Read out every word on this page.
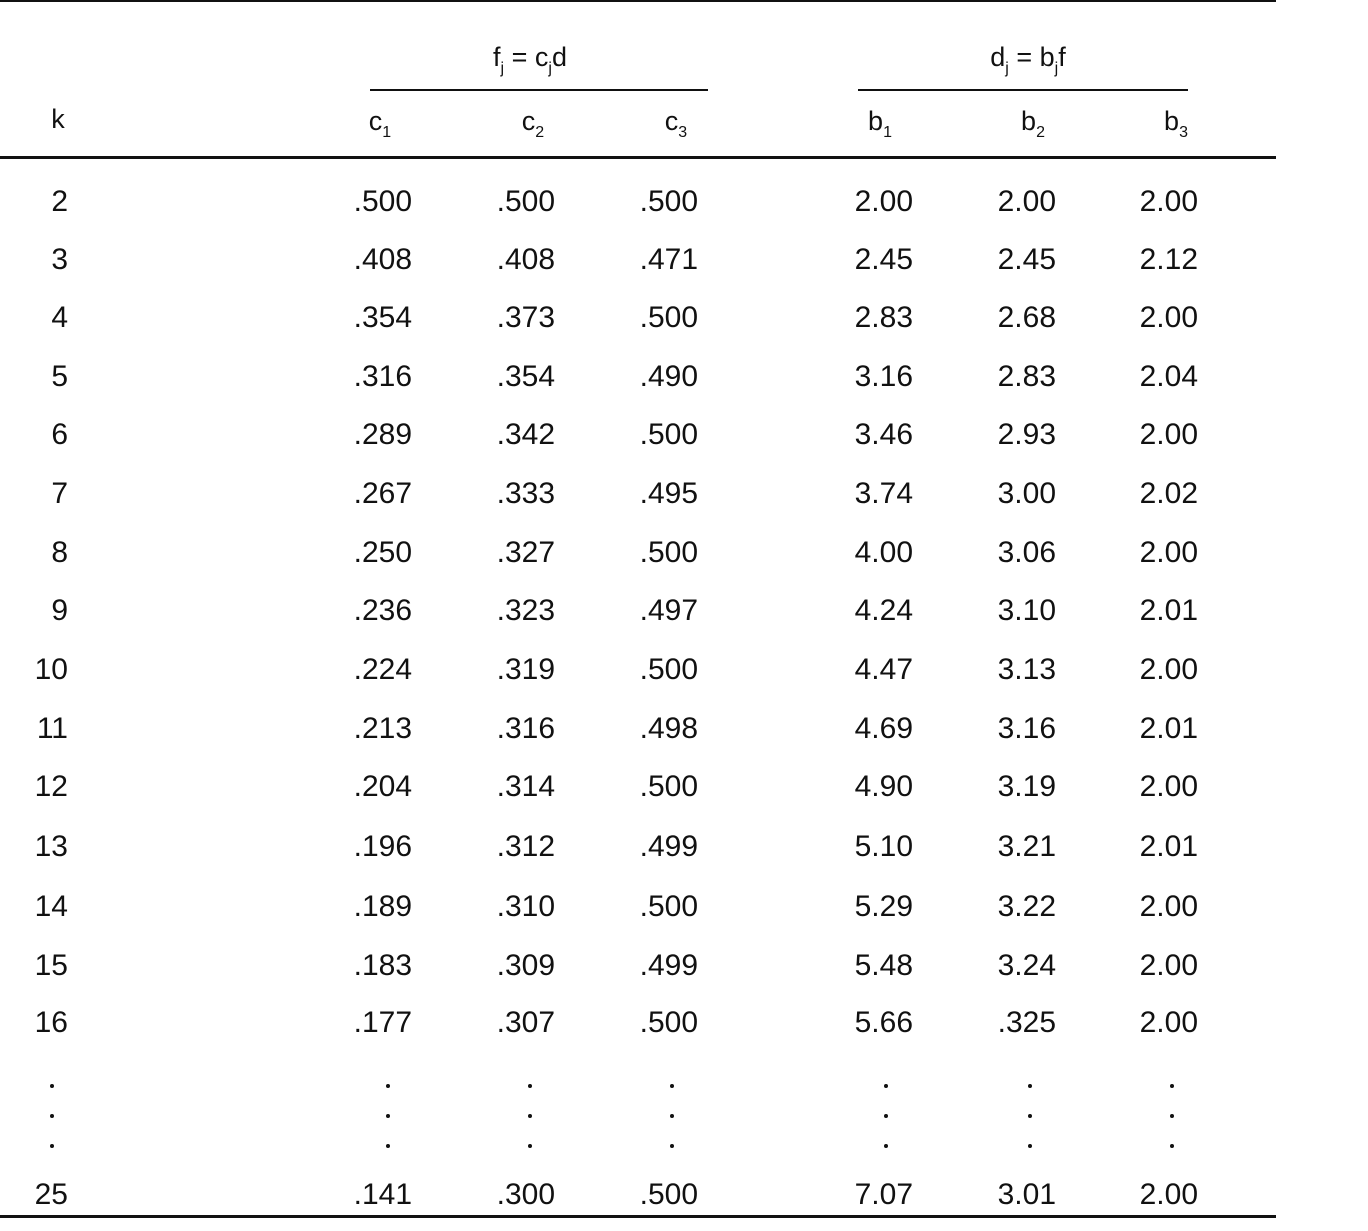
$f_j = c_jd$	$d_j = b_jf$
k	$c_1$	$c_2$	$c_3$	$b_1$	$b_2$	$b_3$
2	.500	.500	.500	2.00	2.00	2.00
3	.408	.408	.471	2.45	2.45	2.12
4	.354	.373	.500	2.83	2.68	2.00
5	.316	.354	.490	3.16	2.83	2.04
6	.289	.342	.500	3.46	2.93	2.00
7	.267	.333	.495	3.74	3.00	2.02
8	.250	.327	.500	4.00	3.06	2.00
9	.236	.323	.497	4.24	3.10	2.01
10	.224	.319	.500	4.47	3.13	2.00
11	.213	.316	.498	4.69	3.16	2.01
12	.204	.314	.500	4.90	3.19	2.00
13	.196	.312	.499	5.10	3.21	2.01
14	.189	.310	.500	5.29	3.22	2.00
15	.183	.309	.499	5.48	3.24	2.00
16	.177	.307	.500	5.66	.325	2.00
25	.141	.300	.500	7.07	3.01	2.00
